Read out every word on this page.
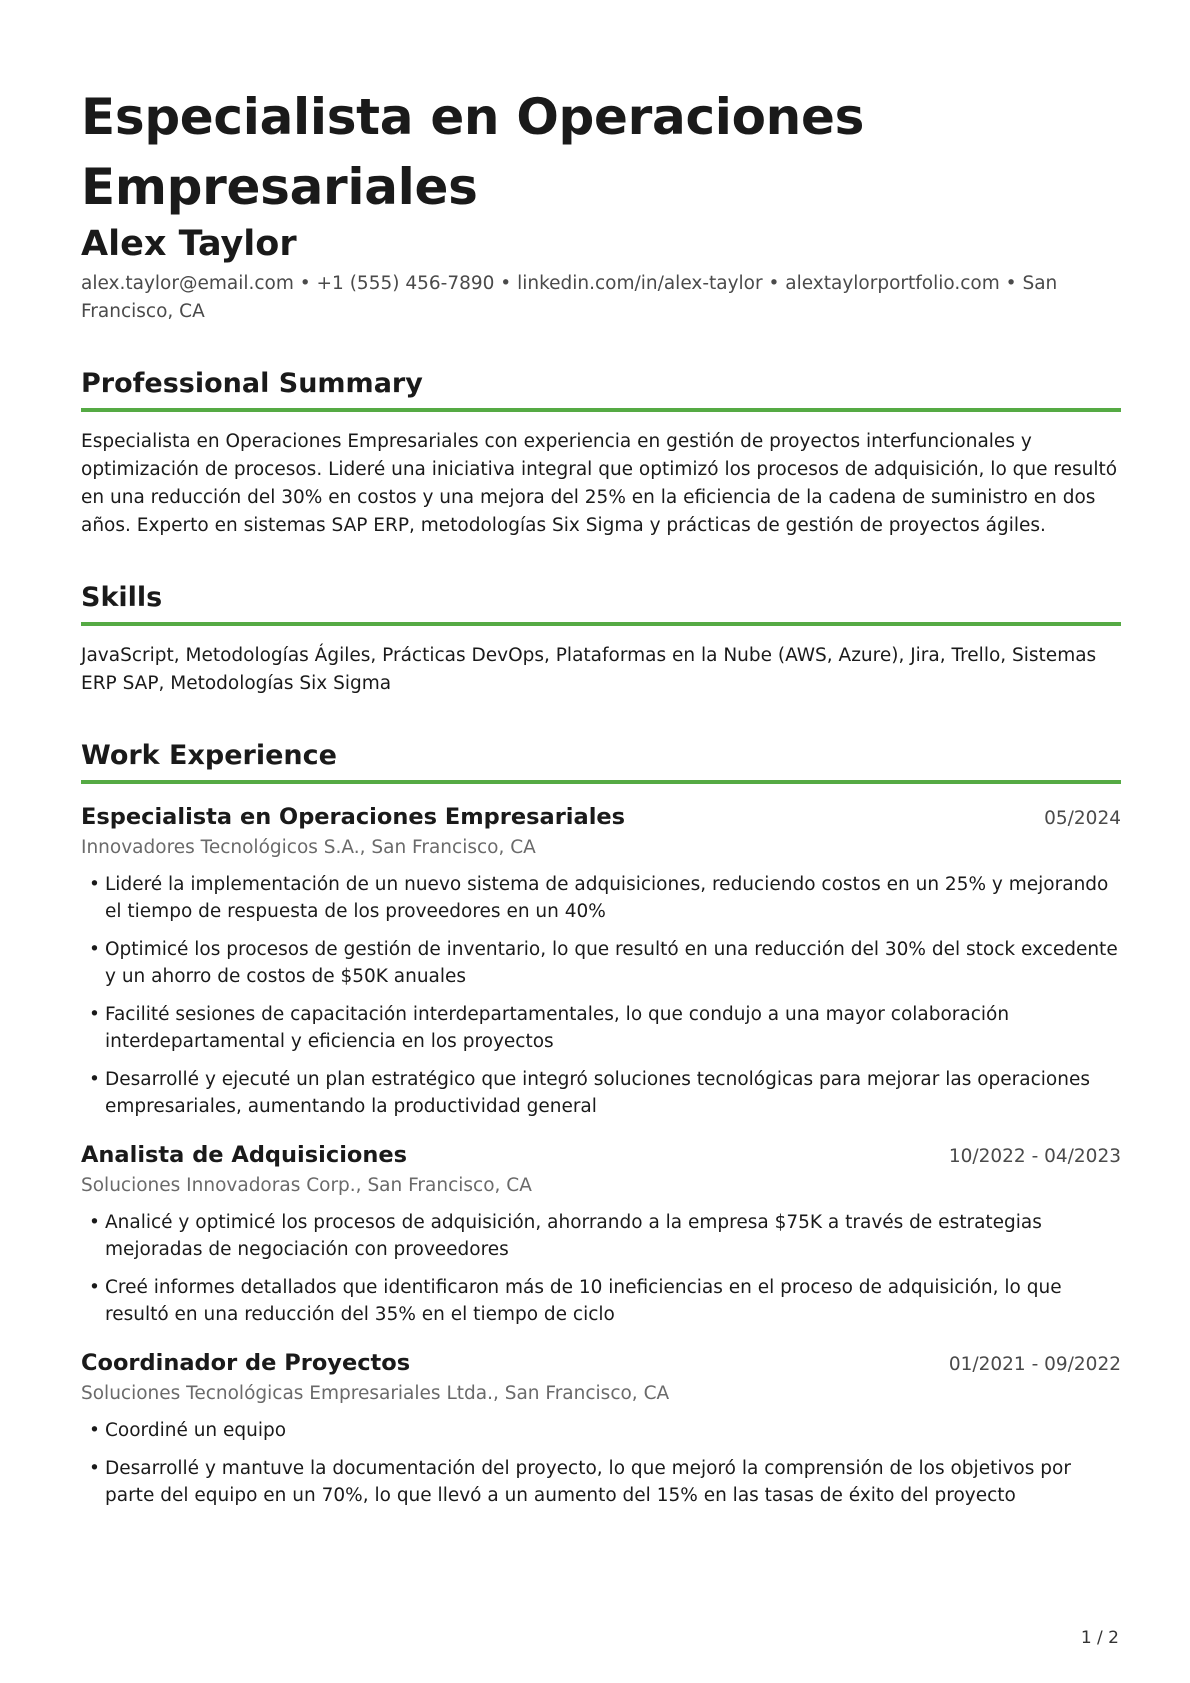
Especialista en Operaciones Empresariales
Alex Taylor

alex.taylor@email.com • +1 (555) 456-7890 • linkedin.com/in/alex-taylor • alextaylorportfolio.com • San Francisco, CA

Professional Summary
Especialista en Operaciones Empresariales con experiencia en gestión de proyectos interfuncionales y optimización de procesos. Lideré una iniciativa integral que optimizó los procesos de adquisición, lo que resultó en una reducción del 30% en costos y una mejora del 25% en la eficiencia de la cadena de suministro en dos años. Experto en sistemas SAP ERP, metodologías Six Sigma y prácticas de gestión de proyectos ágiles.
Skills
JavaScript, Metodologías Ágiles, Prácticas DevOps, Plataformas en la Nube (AWS, Azure), Jira, Trello, Sistemas ERP SAP, Metodologías Six Sigma
Work Experience
Especialista en Operaciones Empresariales	05/2024
Innovadores Tecnológicos S.A., San Francisco, CA
• Lideré la implementación de un nuevo sistema de adquisiciones, reduciendo costos en un 25% y mejorando el tiempo de respuesta de los proveedores en un 40%
• Optimicé los procesos de gestión de inventario, lo que resultó en una reducción del 30% del stock excedente y un ahorro de costos de $50K anuales
• Facilité sesiones de capacitación interdepartamentales, lo que condujo a una mayor colaboración interdepartamental y eficiencia en los proyectos
• Desarrollé y ejecuté un plan estratégico que integró soluciones tecnológicas para mejorar las operaciones empresariales, aumentando la productividad general
Analista de Adquisiciones	10/2022 - 04/2023
Soluciones Innovadoras Corp., San Francisco, CA
• Analicé y optimicé los procesos de adquisición, ahorrando a la empresa $75K a través de estrategias mejoradas de negociación con proveedores
• Creé informes detallados que identificaron más de 10 ineficiencias en el proceso de adquisición, lo que resultó en una reducción del 35% en el tiempo de ciclo
Coordinador de Proyectos	01/2021 - 09/2022
Soluciones Tecnológicas Empresariales Ltda., San Francisco, CA
• Coordiné un equipo
• Desarrollé y mantuve la documentación del proyecto, lo que mejoró la comprensión de los objetivos por parte del equipo en un 70%, lo que llevó a un aumento del 15% en las tasas de éxito del proyecto
1 / 2
